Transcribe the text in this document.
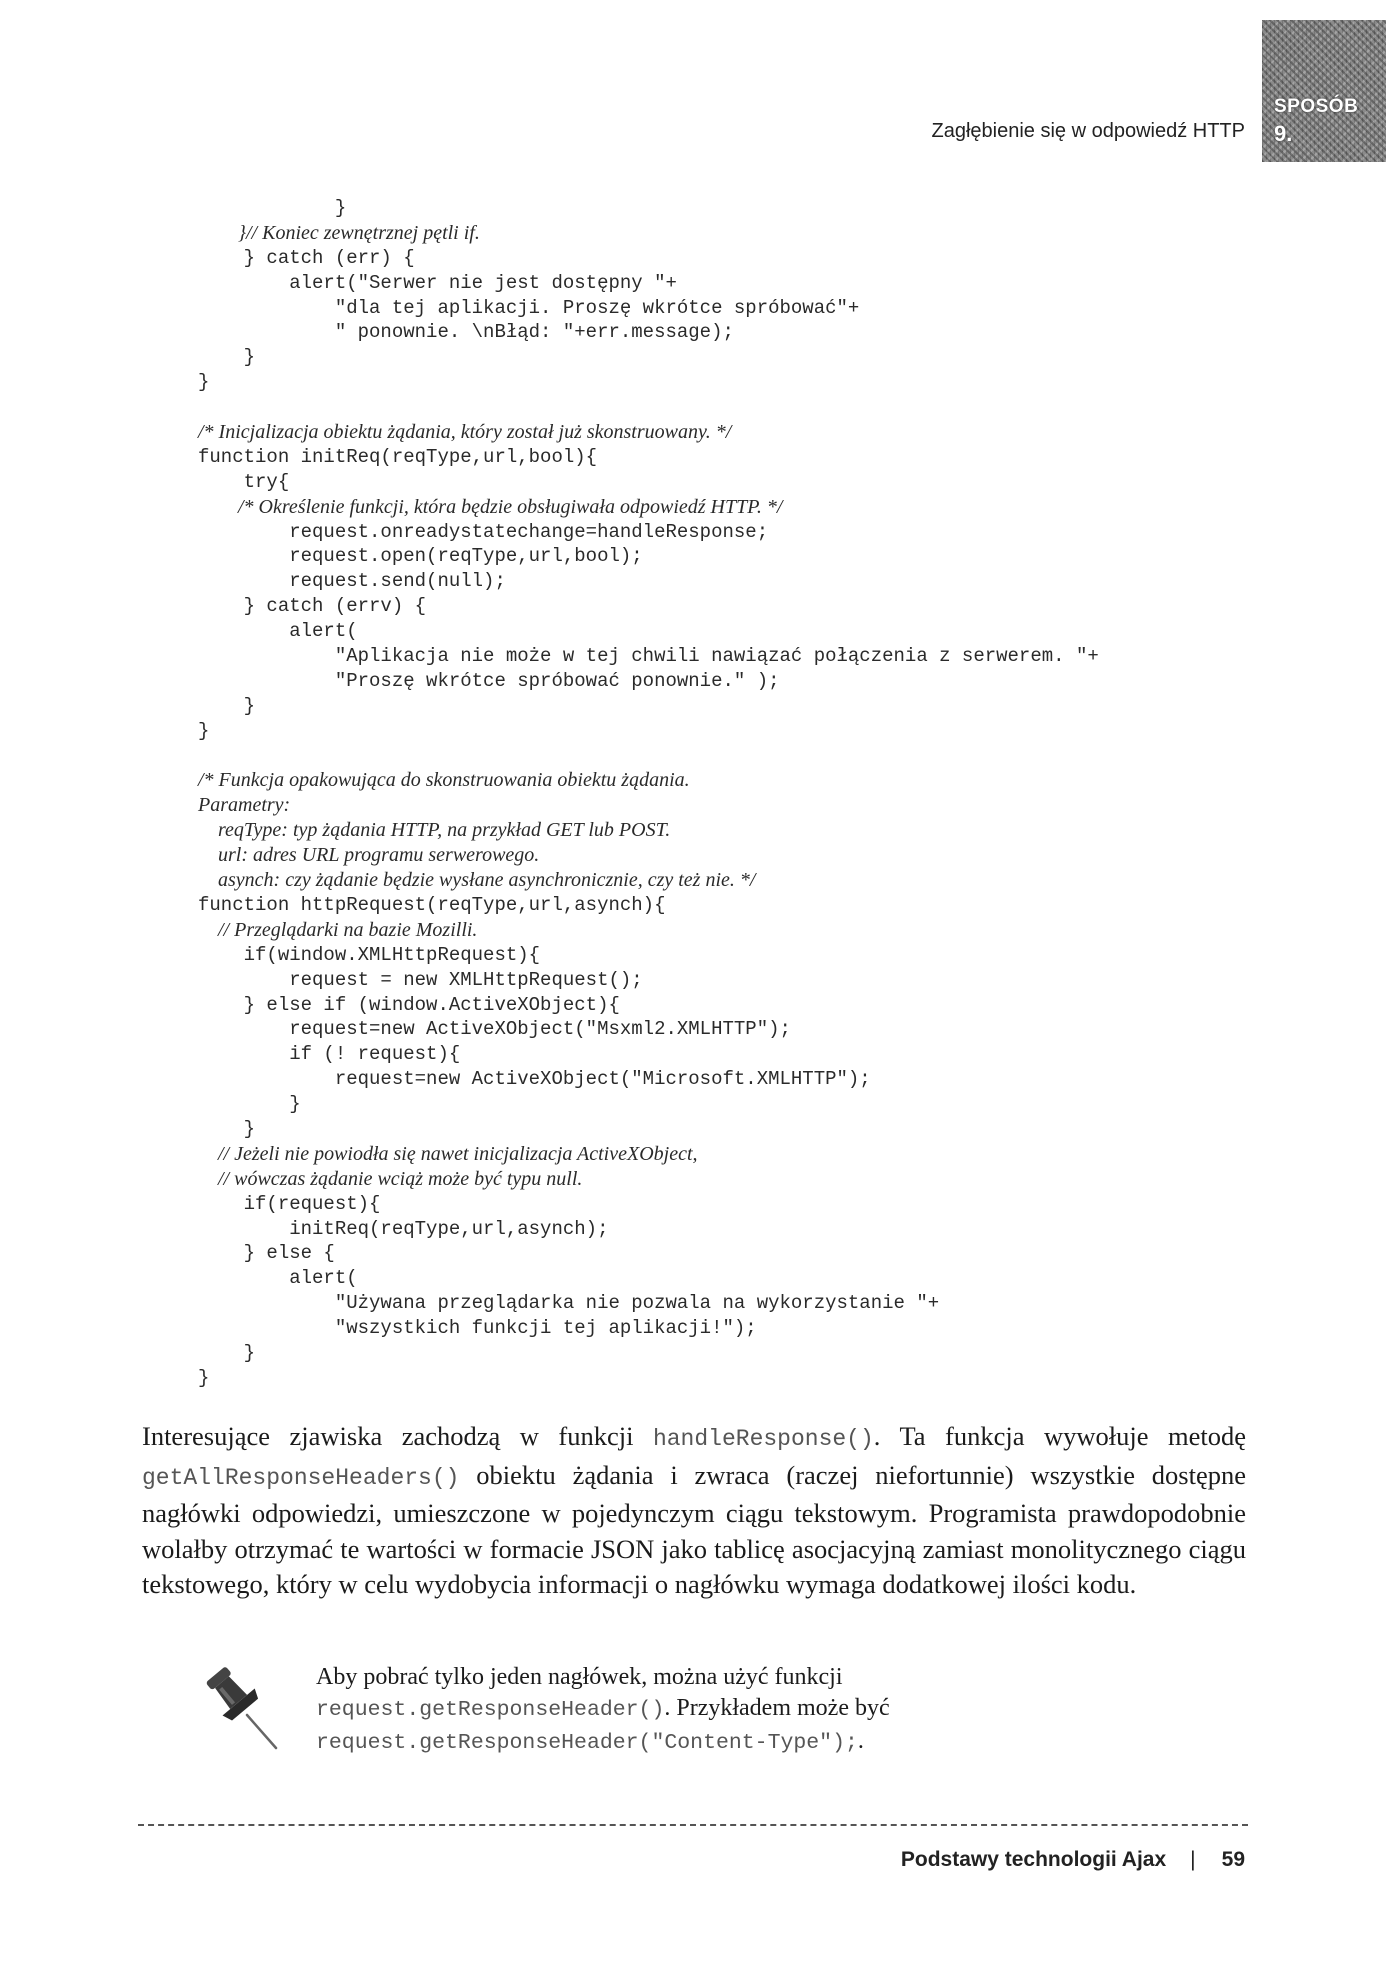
Zagłębienie się w odpowiedź HTTP
SPOSÓB
9.
}
}// Koniec zewnętrznej pętli if.
} catch (err) {
alert("Serwer nie jest dostępny "+
"dla tej aplikacji. Proszę wkrótce spróbować"+
" ponownie. \nBłąd: "+err.message);
}
}
/* Inicjalizacja obiektu żądania, który został już skonstruowany. */
function initReq(reqType,url,bool){
try{
/* Określenie funkcji, która będzie obsługiwała odpowiedź HTTP. */
request.onreadystatechange=handleResponse;
request.open(reqType,url,bool);
request.send(null);
} catch (errv) {
alert(
"Aplikacja nie może w tej chwili nawiązać połączenia z serwerem. "+
"Proszę wkrótce spróbować ponownie." );
}
}
/* Funkcja opakowująca do skonstruowania obiektu żądania.
Parametry:
reqType: typ żądania HTTP, na przykład GET lub POST.
url: adres URL programu serwerowego.
asynch: czy żądanie będzie wysłane asynchronicznie, czy też nie. */
function httpRequest(reqType,url,asynch){
// Przeglądarki na bazie Mozilli.
if(window.XMLHttpRequest){
request = new XMLHttpRequest();
} else if (window.ActiveXObject){
request=new ActiveXObject("Msxml2.XMLHTTP");
if (! request){
request=new ActiveXObject("Microsoft.XMLHTTP");
}
}
// Jeżeli nie powiodła się nawet inicjalizacja ActiveXObject,
// wówczas żądanie wciąż może być typu null.
if(request){
initReq(reqType,url,asynch);
} else {
alert(
"Używana przeglądarka nie pozwala na wykorzystanie "+
"wszystkich funkcji tej aplikacji!");
}
}
Interesujące zjawiska zachodzą w funkcji handleResponse(). Ta funkcja wywołuje metodę getAllResponseHeaders() obiektu żądania i zwraca (raczej niefortunnie) wszystkie dostępne nagłówki odpowiedzi, umieszczone w pojedynczym ciągu tekstowym. Programista prawdopodobnie wolałby otrzymać te wartości w formacie JSON jako tablicę asocjacyjną zamiast monolitycznego ciągu tekstowego, który w celu wydobycia informacji o nagłówku wymaga dodatkowej ilości kodu.
Aby pobrać tylko jeden nagłówek, można użyć funkcji
request.getResponseHeader(). Przykładem może być
request.getResponseHeader("Content-Type");.
Podstawy technologii Ajax | 59
